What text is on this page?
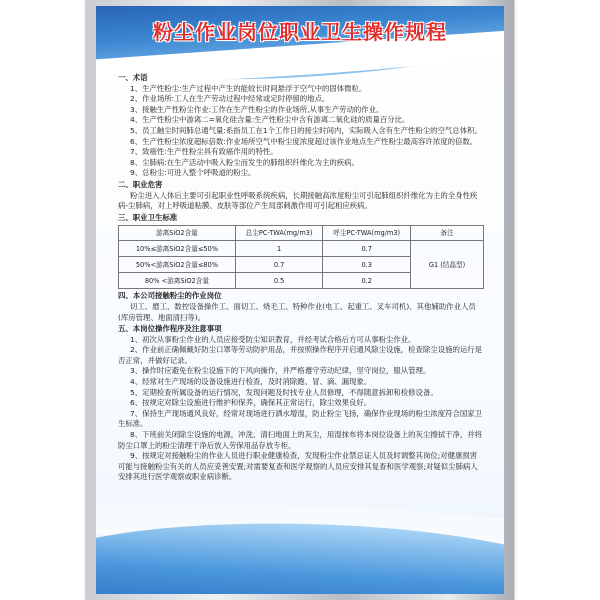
粉尘作业岗位职业卫生操作规程

一、术语

1、生产性粉尘:生产过程中产生的能较长时间悬浮于空气中的固体微粒。

2、作业场所:工人在生产劳动过程中经常或定时停留的地点。

3、接触生产性粉尘作业:工作在生产性粉尘的作业场所,从事生产劳动的作业。

4、生产性粉尘中游离二=氧化硅含量:生产性粉尘中含有游离二氧化硅的质量百分比。

5、员工触尘时间肺总通气量:系指员工在1个工作日的接尘时间内，实际吸入含有生产性粉尘的空气总体积。

6、生产性粉尘浓度超标倍数:作业场所空气中粉尘度浓度超过该作业地点生产性粉尘最高容许浓度的倍数。

7、致癌性:生产性粉尘具有致癌作用的特性。

8、尘肺病:在生产活动中吸入粉尘而发生的肺组织纤维化为主的疾病。

9、总粉尘:可进入整个呼吸道的粉尘。

二、职业危害

粉尘进入人体后主要可引起职业性呼吸系统疾病，长期接触高浓度粉尘可引起肺组织纤维化为主的全身性疾病-尘肺病，对上呼吸道粘膜、皮肤等部位产生局部刺激作用可引起相应疾病。

三、职业卫生标准

游离SiO2含量	总尘PC-TWA(mg/m3)	呼尘PC-TWA(mg/m3)	备注
10%≤游离SiO2含量≤50%	1	0.7	G1 (结晶型)
50%<游离SiO2含量≤80%	0.7	0.3	
80% <游离SiO2含量	0.5	0.2	

四、本公司接触粉尘的作业岗位

切工、磨工、数控设备操作工、面切工、烧毛工、特种作业(电工、起重工、叉车司机)、其他辅助作业人员(库房管理、地面清扫等)。

五、本岗位操作程序及注意事项

1、初次从事粉尘作业的人员应接受防尘知识教育，并经考试合格后方可从事粉尘作业。

2、作业前正确佩戴好防尘口罩等劳动防护用品，并按照操作程序开启通风除尘设施，检查除尘设施的运行是否正常，并做好记录。

3、操作时应避免在粉尘设施下的下风向操作，并严格遵守劳动纪律，坚守岗位，服从管理。

4、经常对生产现场的设备设施进行检查，及时消除跑、冒、滴、漏现象。

5、定期检查所属设备的运行情况，发现问题及时找专业人员修理，不得随意拆卸和检修设备。

6、按规定对除尘设施进行维护和保养，确保其正常运行，除尘效果良好。

7、保持生产现场通风良好，经常对现场进行洒水增湿，防止粉尘飞扬，确保作业现场的粉尘浓度符合国家卫生标准。

8、下班前关闭除尘设施的电源，冲洗、清扫地面上的灰尘，用湿抹布将本岗位设备上的灰尘擦拭干净，并将防尘口罩上的粉尘清理干净后放入劳保用品存放专柜。

9、按规定对接触粉尘的作业人员进行职业健康检查，发现粉尘作业禁忌证人员及时调整其岗位;对健康损害可能与接触粉尘有关的人员应妥善安置;对需要复查和医学观察的人员应安排其复查和医学观察;对疑似尘肺病人安排其进行医学观察或职业病诊断。
